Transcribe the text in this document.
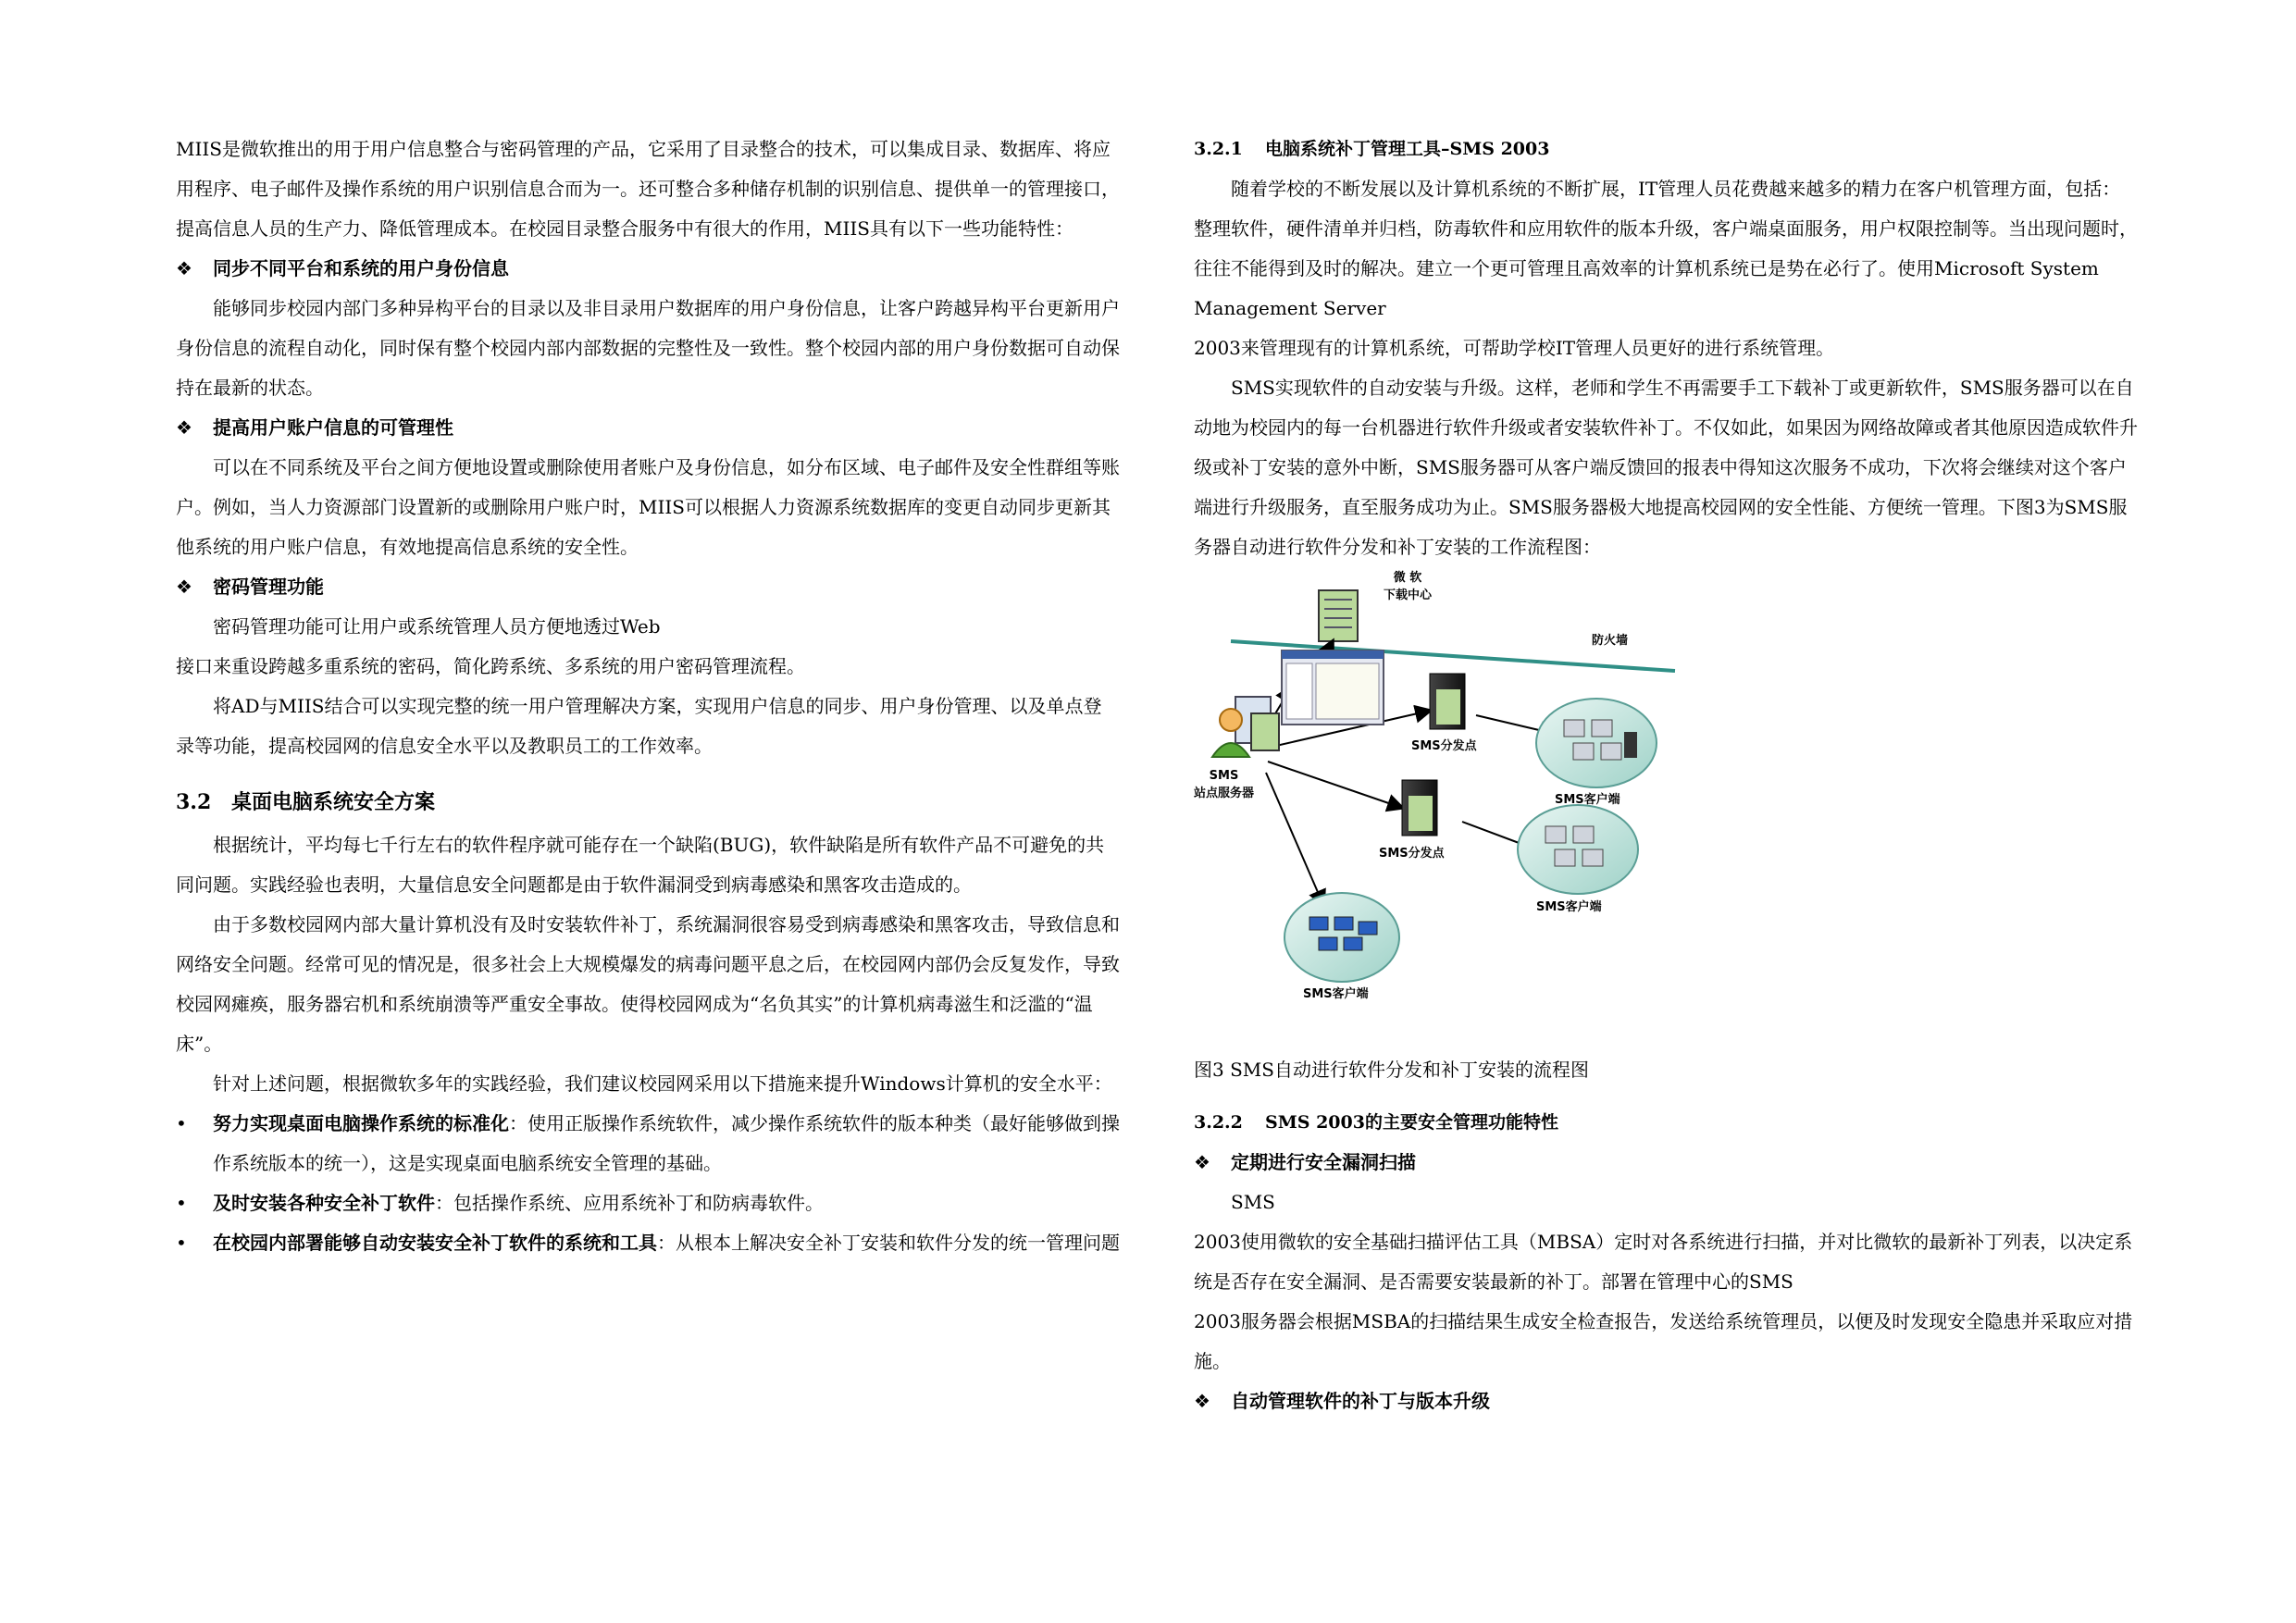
MIIS是微软推出的用于用户信息整合与密码管理的产品，它采用了目录整合的技术，可以集成目录、数据库、将应用程序、电子邮件及操作系统的用户识别信息合而为一。还可整合多种储存机制的识别信息、提供单一的管理接口，提高信息人员的生产力、降低管理成本。在校园目录整合服务中有很大的作用，MIIS具有以下一些功能特性：

❖ 同步不同平台和系统的用户身份信息

能够同步校园内部门多种异构平台的目录以及非目录用户数据库的用户身份信息，让客户跨越异构平台更新用户身份信息的流程自动化，同时保有整个校园内部内部数据的完整性及一致性。整个校园内部的用户身份数据可自动保持在最新的状态。

❖ 提高用户账户信息的可管理性

可以在不同系统及平台之间方便地设置或删除使用者账户及身份信息，如分布区域、电子邮件及安全性群组等账户。例如，当人力资源部门设置新的或删除用户账户时，MIIS可以根据人力资源系统数据库的变更自动同步更新其他系统的用户账户信息，有效地提高信息系统的安全性。

❖ 密码管理功能

密码管理功能可让用户或系统管理人员方便地透过Web

接口来重设跨越多重系统的密码，简化跨系统、多系统的用户密码管理流程。

将AD与MIIS结合可以实现完整的统一用户管理解决方案，实现用户信息的同步、用户身份管理、以及单点登录等功能，提高校园网的信息安全水平以及教职员工的工作效率。

3.2 桌面电脑系统安全方案

根据统计，平均每七千行左右的软件程序就可能存在一个缺陷(BUG)，软件缺陷是所有软件产品不可避免的共同问题。实践经验也表明，大量信息安全问题都是由于软件漏洞受到病毒感染和黑客攻击造成的。

由于多数校园网内部大量计算机没有及时安装软件补丁，系统漏洞很容易受到病毒感染和黑客攻击，导致信息和网络安全问题。经常可见的情况是，很多社会上大规模爆发的病毒问题平息之后，在校园网内部仍会反复发作，导致校园网瘫痪，服务器宕机和系统崩溃等严重安全事故。使得校园网成为“名负其实”的计算机病毒滋生和泛滥的“温床”。

针对上述问题，根据微软多年的实践经验，我们建议校园网采用以下措施来提升Windows计算机的安全水平：

• 努力实现桌面电脑操作系统的标准化：使用正版操作系统软件，减少操作系统软件的版本种类（最好能够做到操作系统版本的统一），这是实现桌面电脑系统安全管理的基础。
• 及时安装各种安全补丁软件：包括操作系统、应用系统补丁和防病毒软件。
• 在校园内部署能够自动安装安全补丁软件的系统和工具：从根本上解决安全补丁安装和软件分发的统一管理问题
3.2.1 电脑系统补丁管理工具–SMS 2003

随着学校的不断发展以及计算机系统的不断扩展，IT管理人员花费越来越多的精力在客户机管理方面，包括：整理软件，硬件清单并归档，防毒软件和应用软件的版本升级，客户端桌面服务，用户权限控制等。当出现问题时，往往不能得到及时的解决。建立一个更可管理且高效率的计算机系统已是势在必行了。使用Microsoft System Management Server

2003来管理现有的计算机系统，可帮助学校IT管理人员更好的进行系统管理。

SMS实现软件的自动安装与升级。这样，老师和学生不再需要手工下载补丁或更新软件，SMS服务器可以在自动地为校园内的每一台机器进行软件升级或者安装软件补丁。不仅如此，如果因为网络故障或者其他原因造成软件升级或补丁安装的意外中断，SMS服务器可从客户端反馈回的报表中得知这次服务不成功，下次将会继续对这个客户端进行升级服务，直至服务成功为止。SMS服务器极大地提高校园网的安全性能、方便统一管理。下图3为SMS服务器自动进行软件分发和补丁安装的工作流程图：

微 软
下载中心
防火墙
SMS
站点服务器
SMS分发点
SMS分发点
SMS客户端
SMS客户端
SMS客户端

图3 SMS自动进行软件分发和补丁安装的流程图

3.2.2 SMS 2003的主要安全管理功能特性
❖ 定期进行安全漏洞扫描

SMS

2003使用微软的安全基础扫描评估工具（MBSA）定时对各系统进行扫描，并对比微软的最新补丁列表，以决定系统是否存在安全漏洞、是否需要安装最新的补丁。部署在管理中心的SMS

2003服务器会根据MSBA的扫描结果生成安全检查报告，发送给系统管理员，以便及时发现安全隐患并采取应对措施。

❖ 自动管理软件的补丁与版本升级
